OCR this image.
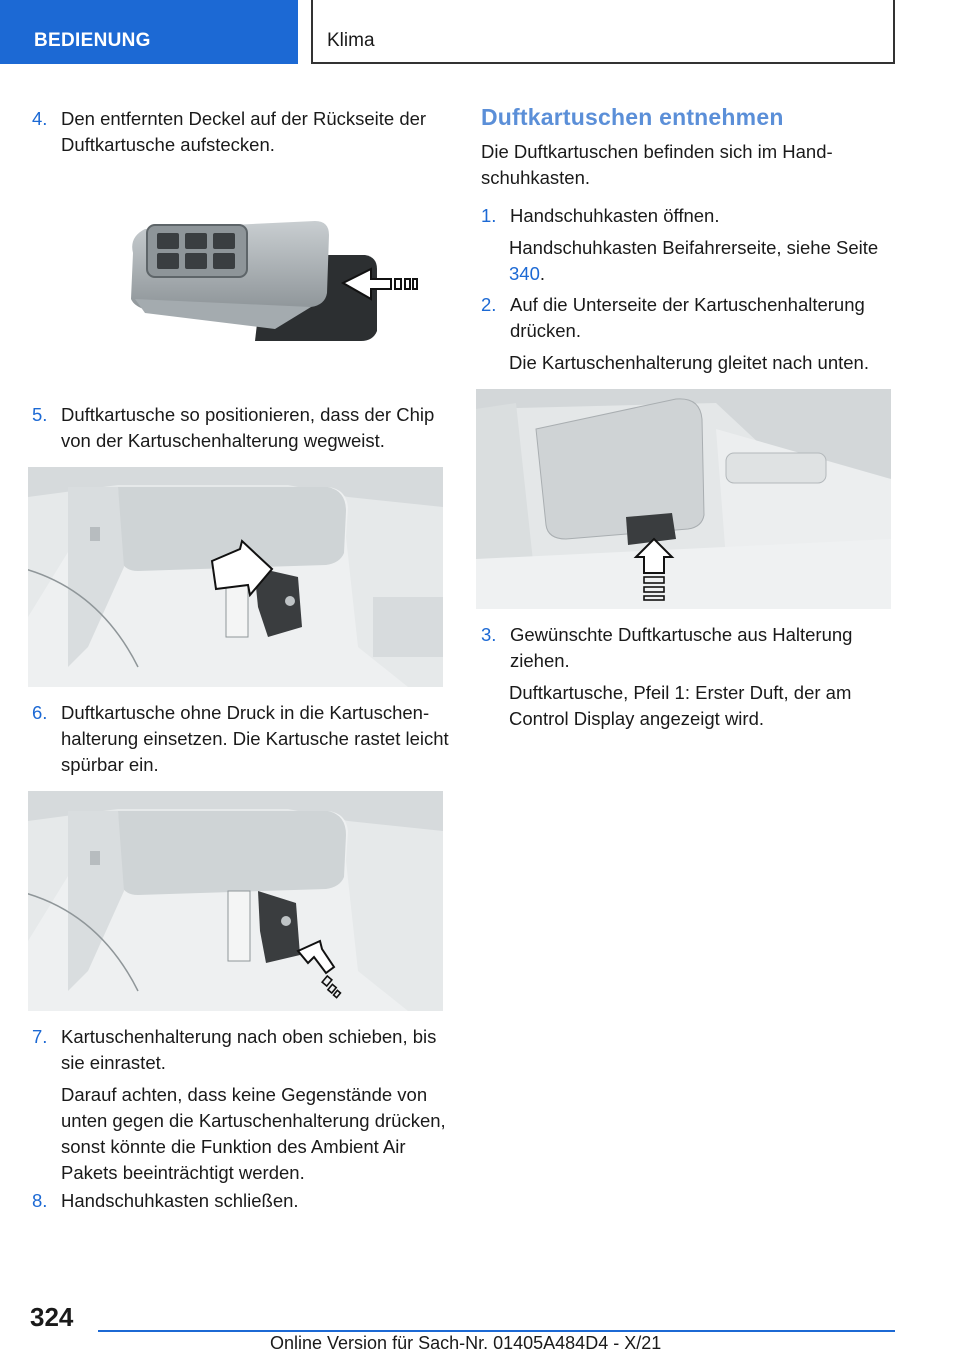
BEDIENUNG	Klima
4. Den entfernten Deckel auf der Rückseite der Duftkartusche aufstecken.
5. Duftkartusche so positionieren, dass der Chip von der Kartuschenhalterung wegweist.
6. Duftkartusche ohne Druck in die Kartuschenhalterung einsetzen. Die Kartusche rastet leicht spürbar ein.
7. Kartuschenhalterung nach oben schieben, bis sie einrastet.
Darauf achten, dass keine Gegenstände von unten gegen die Kartuschenhalterung drücken, sonst könnte die Funktion des Ambient Air Pakets beeinträchtigt werden.
8. Handschuhkasten schließen.
Duftkartuschen entnehmen
Die Duftkartuschen befinden sich im Handschuhkasten.
1. Handschuhkasten öffnen.
Handschuhkasten Beifahrerseite, siehe Seite 340.
2. Auf die Unterseite der Kartuschenhalterung drücken.
Die Kartuschenhalterung gleitet nach unten.
3. Gewünschte Duftkartusche aus Halterung ziehen.
Duftkartusche, Pfeil 1: Erster Duft, der am Control Display angezeigt wird.
324
Online Version für Sach-Nr. 01405A484D4 - X/21
